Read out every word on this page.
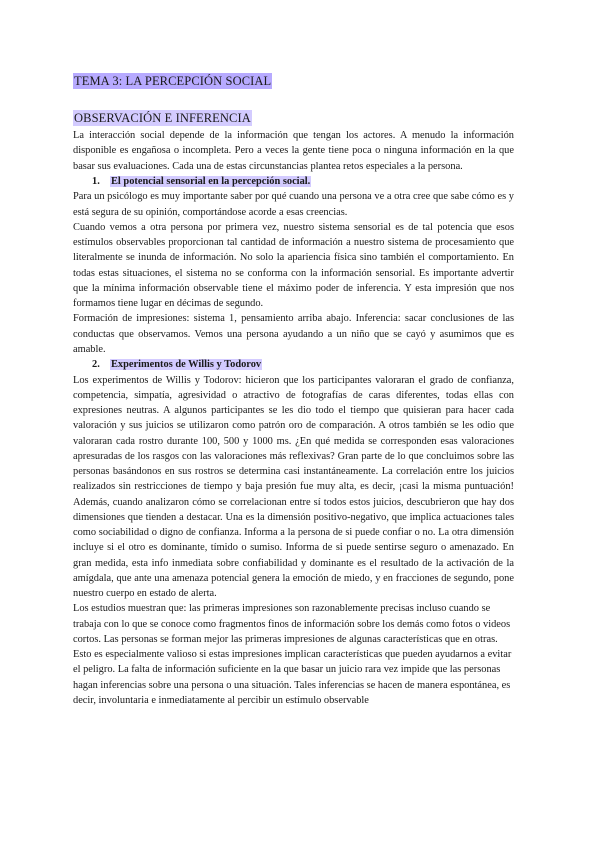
TEMA 3: LA PERCEPCIÓN SOCIAL
OBSERVACIÓN E INFERENCIA

La interacción social depende de la información que tengan los actores. A menudo la información disponible es engañosa o incompleta. Pero a veces la gente tiene poca o ninguna información en la que basar sus evaluaciones. Cada una de estas circunstancias plantea retos especiales a la persona.

1. El potencial sensorial en la percepción social.

Para un psicólogo es muy importante saber por qué cuando una persona ve a otra cree que sabe cómo es y está segura de su opinión, comportándose acorde a esas creencias.

Cuando vemos a otra persona por primera vez, nuestro sistema sensorial es de tal potencia que esos estímulos observables proporcionan tal cantidad de información a nuestro sistema de procesamiento que literalmente se inunda de información. No solo la apariencia física sino también el comportamiento. En todas estas situaciones, el sistema no se conforma con la información sensorial. Es importante advertir que la mínima información observable tiene el máximo poder de inferencia. Y esta impresión que nos formamos tiene lugar en décimas de segundo.

Formación de impresiones: sistema 1, pensamiento arriba abajo. Inferencia: sacar conclusiones de las conductas que observamos. Vemos una persona ayudando a un niño que se cayó y asumimos que es amable.

2. Experimentos de Willis y Todorov

Los experimentos de Willis y Todorov: hicieron que los participantes valoraran el grado de confianza, competencia, simpatía, agresividad o atractivo de fotografías de caras diferentes, todas ellas con expresiones neutras. A algunos participantes se les dio todo el tiempo que quisieran para hacer cada valoración y sus juicios se utilizaron como patrón oro de comparación. A otros también se les odio que valoraran cada rostro durante 100, 500 y 1000 ms. ¿En qué medida se corresponden esas valoraciones apresuradas de los rasgos con las valoraciones más reflexivas? Gran parte de lo que concluimos sobre las personas basándonos en sus rostros se determina casi instantáneamente. La correlación entre los juicios realizados sin restricciones de tiempo y baja presión fue muy alta, es decir, ¡casi la misma puntuación! Además, cuando analizaron cómo se correlacionan entre sí todos estos juicios, descubrieron que hay dos dimensiones que tienden a destacar. Una es la dimensión positivo-negativo, que implica actuaciones tales como sociabilidad o digno de confianza. Informa a la persona de si puede confiar o no. La otra dimensión incluye si el otro es dominante, tímido o sumiso. Informa de si puede sentirse seguro o amenazado. En gran medida, esta info inmediata sobre confiabilidad y dominante es el resultado de la activación de la amígdala, que ante una amenaza potencial genera la emoción de miedo, y en fracciones de segundo, pone nuestro cuerpo en estado de alerta.

Los estudios muestran que: las primeras impresiones son razonablemente precisas incluso cuando se trabaja con lo que se conoce como fragmentos finos de información sobre los demás como fotos o videos cortos. Las personas se forman mejor las primeras impresiones de algunas características que en otras. Esto es especialmente valioso si estas impresiones implican características que pueden ayudarnos a evitar el peligro. La falta de información suficiente en la que basar un juicio rara vez impide que las personas hagan inferencias sobre una persona o una situación. Tales inferencias se hacen de manera espontánea, es decir, involuntaria e inmediatamente al percibir un estímulo observable
